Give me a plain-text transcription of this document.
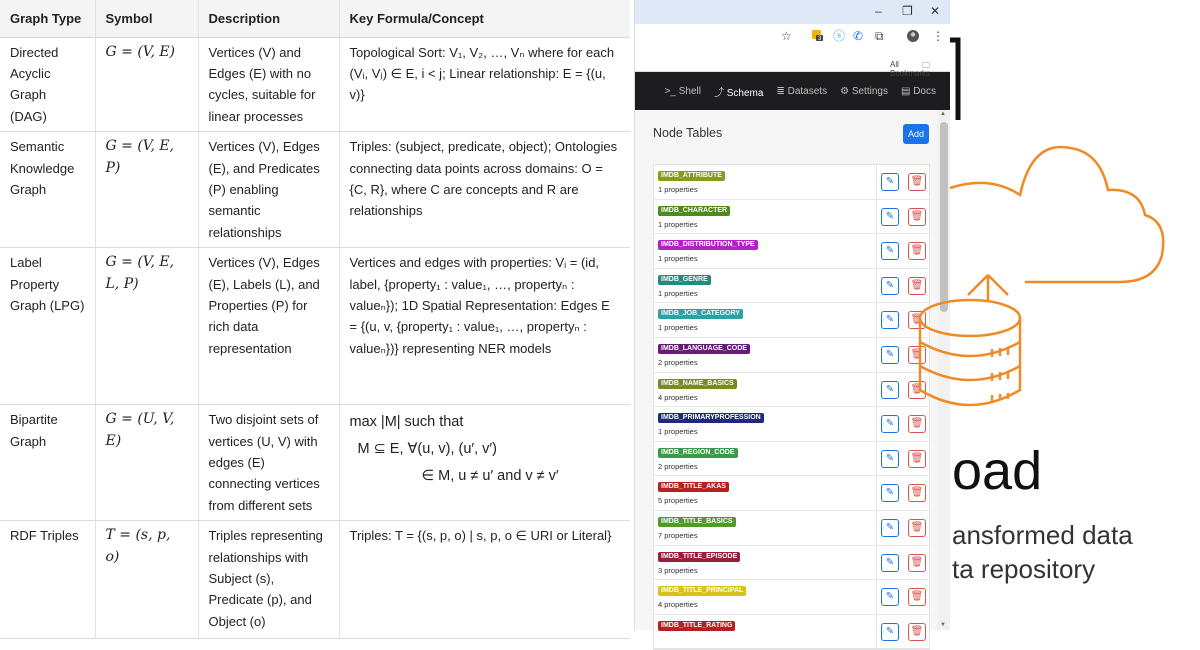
Graph Type	Symbol	Description	Key Formula/Concept
Directed Acyclic Graph (DAG)	G = (V, E)	Vertices (V) and Edges (E) with no cycles, suitable for linear processes	Topological Sort: V₁, V₂, …, Vₙ where for each (Vᵢ, Vⱼ) ∈ E, i < j; Linear relationship: E = {(u, v)}
Semantic Knowledge Graph	G = (V, E, P)	Vertices (V), Edges (E), and Predicates (P) enabling semantic relationships	Triples: (subject, predicate, object); Ontologies connecting data points across domains: O = {C, R}, where C are concepts and R are relationships
Label Property Graph (LPG)	G = (V, E, L, P)	Vertices (V), Edges (E), Labels (L), and Properties (P) for rich data representation	Vertices and edges with properties: Vᵢ = (id, label, {property₁ : value₁, …, propertyₙ : valueₙ}); 1D Spatial Representation: Edges E = {(u, v, {property₁ : value₁, …, propertyₙ : valueₙ})} representing NER models
Bipartite Graph	G = (U, V, E)	Two disjoint sets of vertices (U, V) with edges (E) connecting vertices from different sets	max |M| such that
M ⊆ E, ∀(u, v), (u′, v′)
∈ M, u ≠ u′ and v ≠ v′

RDF Triples	T = (s, p, o)	Triples representing relationships with Subject (s), Predicate (p), and Object (o)	Triples: T = {(s, p, o) | s, p, o ∈ URI or Literal}
– ❐ ✕
☆	3 ⓢ ✆ ⧉	⋮
🗀
All Bookmarks
>_ Shell ⤴ Schema ≣ Datasets ⚙ Settings ▤ Docs
Node Tables	Add
IMDB_ATTRIBUTE
1 properties
✎	🗑
IMDB_CHARACTER
1 properties
✎	🗑
IMDB_DISTRIBUTION_TYPE
1 properties
✎	🗑
IMDB_GENRE
1 properties
✎	🗑
IMDB_JOB_CATEGORY
1 properties
✎	🗑
IMDB_LANGUAGE_CODE
2 properties
✎	🗑
IMDB_NAME_BASICS
4 properties
✎	🗑
IMDB_PRIMARYPROFESSION
1 properties
✎	🗑
IMDB_REGION_CODE
2 properties
✎	🗑
IMDB_TITLE_AKAS
5 properties
✎	🗑
IMDB_TITLE_BASICS
7 properties
✎	🗑
IMDB_TITLE_EPISODE
3 properties
✎	🗑
IMDB_TITLE_PRINCIPAL
4 properties
✎	🗑
IMDB_TITLE_RATING
✎	🗑
▲
▼
oad
ansformed data
ta repository
